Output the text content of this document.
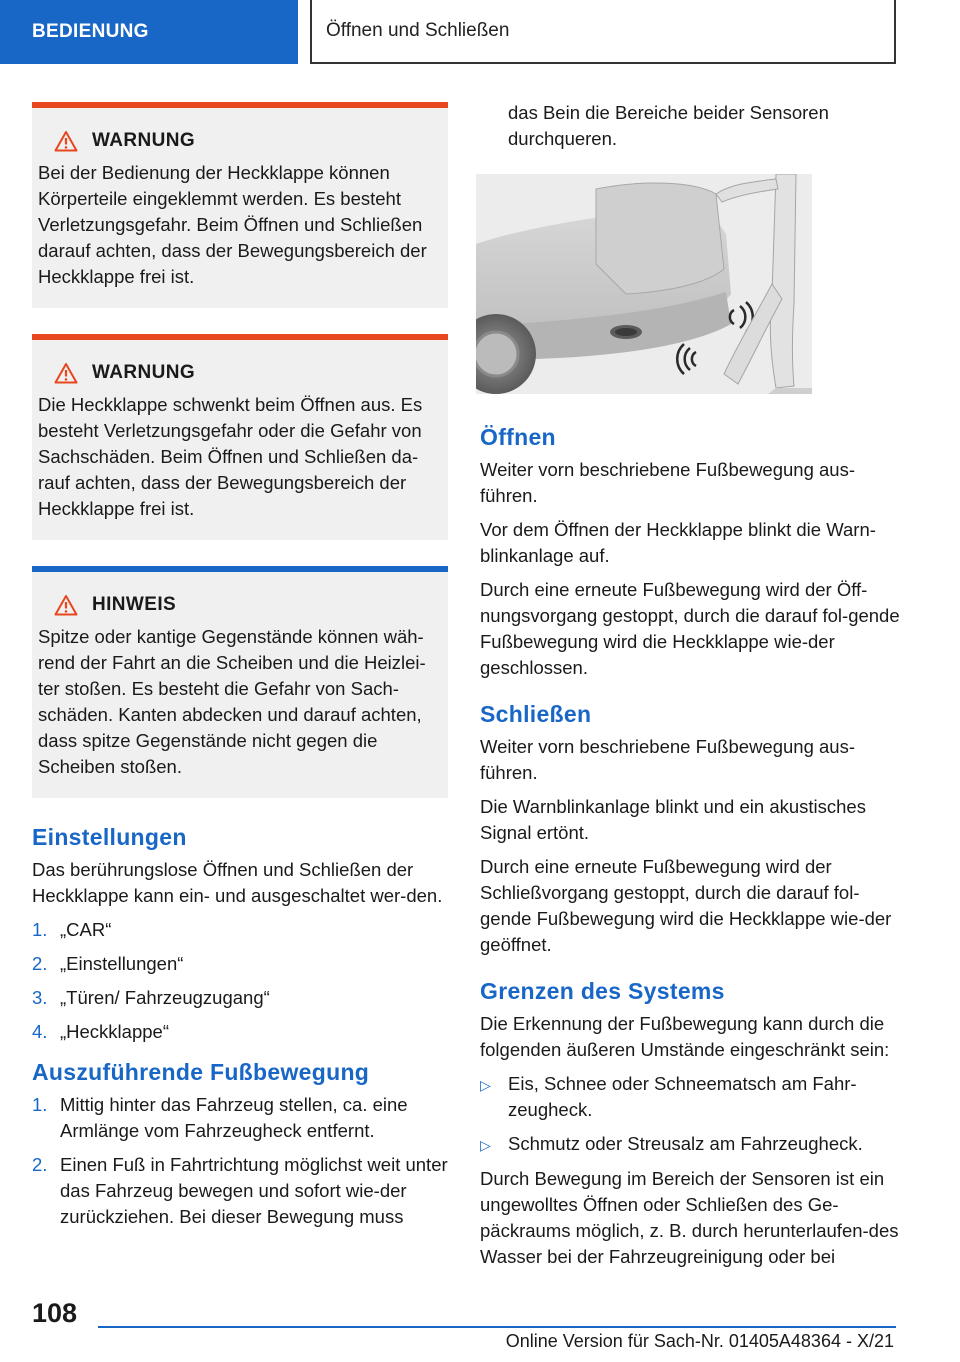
BEDIENUNG	Öffnen und Schließen
WARNUNG
Bei der Bedienung der Heckklappe können Körperteile eingeklemmt werden. Es besteht Verletzungsgefahr. Beim Öffnen und Schließen darauf achten, dass der Bewegungsbereich der Heckklappe frei ist.
WARNUNG
Die Heckklappe schwenkt beim Öffnen aus. Es besteht Verletzungsgefahr oder die Gefahr von Sachschäden. Beim Öffnen und Schließen da-rauf achten, dass der Bewegungsbereich der Heckklappe frei ist.
HINWEIS
Spitze oder kantige Gegenstände können wäh-rend der Fahrt an die Scheiben und die Heizlei-ter stoßen. Es besteht die Gefahr von Sach-schäden. Kanten abdecken und darauf achten, dass spitze Gegenstände nicht gegen die Scheiben stoßen.
Einstellungen

Das berührungslose Öffnen und Schließen der Heckklappe kann ein- und ausgeschaltet wer-den.

1. „CAR“
2. „Einstellungen“
3. „Türen/ Fahrzeugzugang“
4. „Heckklappe“
Auszuführende Fußbewegung
1. Mittig hinter das Fahrzeug stellen, ca. eine Armlänge vom Fahrzeugheck entfernt.
2. Einen Fuß in Fahrtrichtung möglichst weit unter das Fahrzeug bewegen und sofort wie-der zurückziehen. Bei dieser Bewegung muss

das Bein die Bereiche beider Sensoren durchqueren.

Öffnen

Weiter vorn beschriebene Fußbewegung aus-führen.

Vor dem Öffnen der Heckklappe blinkt die Warn-blinkanlage auf.

Durch eine erneute Fußbewegung wird der Öff-nungsvorgang gestoppt, durch die darauf fol-gende Fußbewegung wird die Heckklappe wie-der geschlossen.

Schließen

Weiter vorn beschriebene Fußbewegung aus-führen.

Die Warnblinkanlage blinkt und ein akustisches Signal ertönt.

Durch eine erneute Fußbewegung wird der Schließvorgang gestoppt, durch die darauf fol-gende Fußbewegung wird die Heckklappe wie-der geöffnet.

Grenzen des Systems

Die Erkennung der Fußbewegung kann durch die folgenden äußeren Umstände eingeschränkt sein:

▷ Eis, Schnee oder Schneematsch am Fahr-zeugheck.
▷ Schmutz oder Streusalz am Fahrzeugheck.

Durch Bewegung im Bereich der Sensoren ist ein ungewolltes Öffnen oder Schließen des Ge-päckraums möglich, z. B. durch herunterlaufen-des Wasser bei der Fahrzeugreinigung oder bei

108
Online Version für Sach-Nr. 01405A48364 - X/21
